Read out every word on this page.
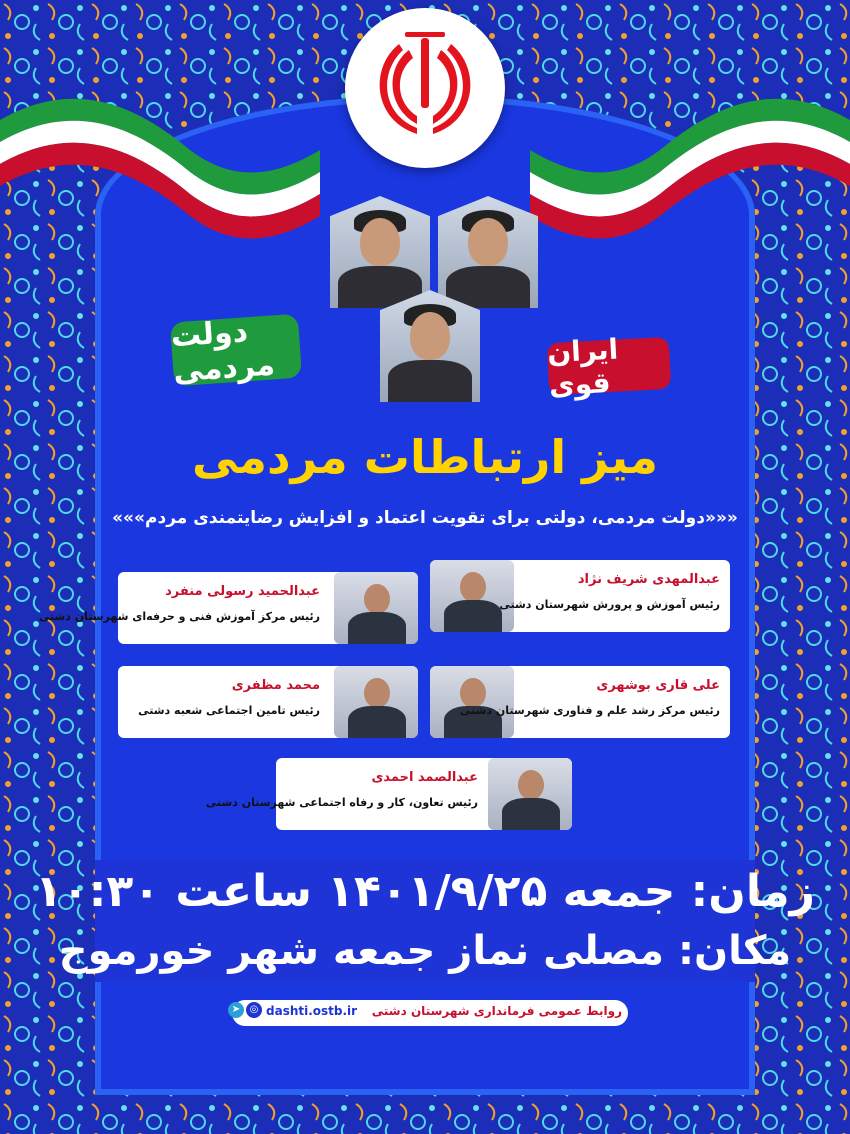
دولت مردمی	ایران قوی
میز ارتباطات مردمی
«««دولت مردمی، دولتی برای تقویت اعتماد و افزایش رضایتمندی مردم»»»
عبدالمهدی شریف نژاد
رئیس آموزش و پرورش شهرستان دشتی
عبدالحمید رسولی منفرد
رئیس مرکز آموزش فنی و حرفه‌ای شهرستان دشتی
علی قاری بوشهری
رئیس مرکز رشد علم و فناوری شهرستان دشتی
محمد مظفری
رئیس تامین اجتماعی شعبه دشتی
عبدالصمد احمدی
رئیس تعاون، کار و رفاه اجتماعی شهرستان دشتی
زمان: جمعه ۱۴۰۱/۹/۲۵ ساعت ۱۰:۳۰
مکان: مصلی نماز جمعه شهر خورموج
روابط عمومی فرمانداری شهرستان دشتی
dashti.ostb.ir
◎
➤
